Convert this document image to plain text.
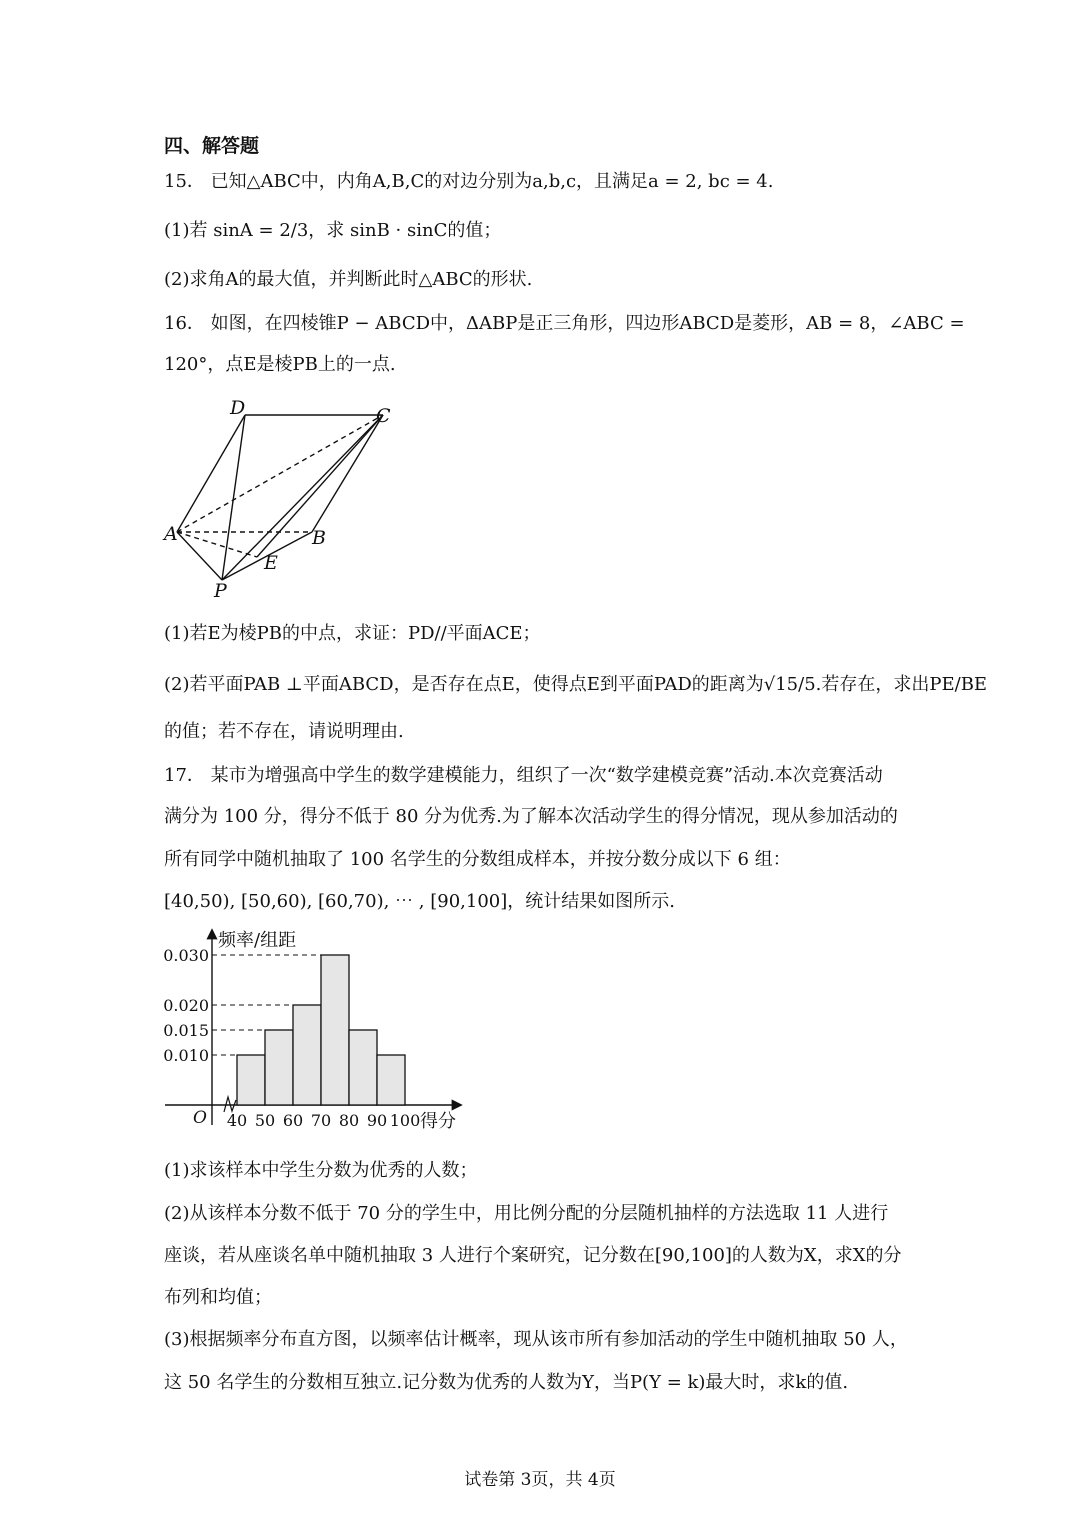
四、解答题
15． 已知△ABC中，内角A,B,C的对边分别为a,b,c，且满足a = 2, bc = 4.
(1)若 sinA = 2/3，求 sinB · sinC的值；
(2)求角A的最大值，并判断此时△ABC的形状.
16． 如图，在四棱锥P − ABCD中，ΔABP是正三角形，四边形ABCD是菱形，AB = 8，∠ABC =
120°，点E是棱PB上的一点.
D	C
A	B
E
P
(1)若E为棱PB的中点，求证：PD//平面ACE；
(2)若平面PAB ⊥平面ABCD，是否存在点E，使得点E到平面PAD的距离为√15/5.若存在，求出PE/BE
的值；若不存在，请说明理由.
17． 某市为增强高中学生的数学建模能力，组织了一次“数学建模竞赛”活动.本次竞赛活动
满分为 100 分，得分不低于 80 分为优秀.为了解本次活动学生的得分情况，现从参加活动的
所有同学中随机抽取了 100 名学生的分数组成样本，并按分数分成以下 6 组：
[40,50), [50,60), [60,70), ⋯ , [90,100]，统计结果如图所示.
0.010
0.015
0.020
0.030
40 50 60 70 80 90 100
O
频率/组距
得分
(1)求该样本中学生分数为优秀的人数；
(2)从该样本分数不低于 70 分的学生中，用比例分配的分层随机抽样的方法选取 11 人进行
座谈，若从座谈名单中随机抽取 3 人进行个案研究，记分数在[90,100]的人数为X，求X的分
布列和均值；
(3)根据频率分布直方图，以频率估计概率，现从该市所有参加活动的学生中随机抽取 50 人，
这 50 名学生的分数相互独立.记分数为优秀的人数为Y，当P(Y = k)最大时，求k的值.
试卷第 3页，共 4页
